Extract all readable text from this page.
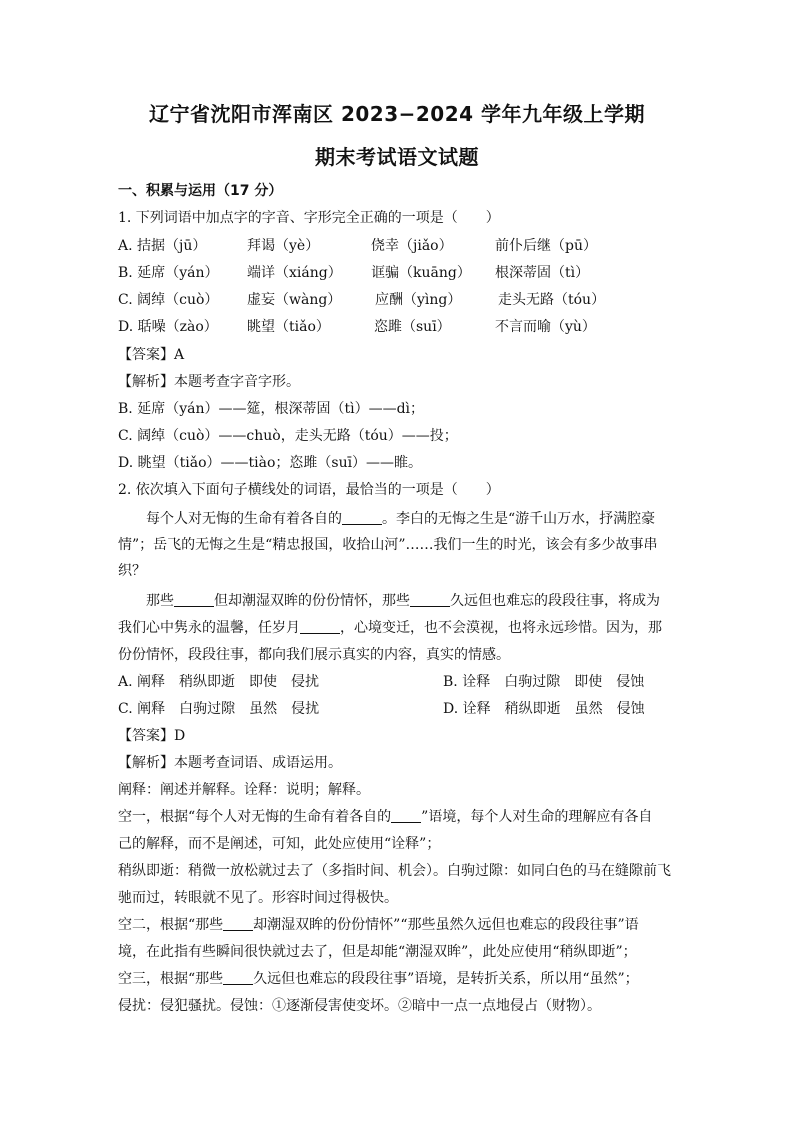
辽宁省沈阳市浑南区 2023−2024 学年九年级上学期
期末考试语文试题
一、积累与运用（17 分）
1. 下列词语中加点字的字音、字形完全正确的一项是（　　）
A. 拮据（jū）	拜谒（yè）	侥幸（jiǎo）	前仆后继（pū）
B. 延席（yán） 端详（xiáng） 诓骗（kuāng） 根深蒂固（tì）
C. 阔绰（cuò） 虚妄（wàng） 应酬（yìng）	走头无路（tóu）
D. 聒噪（zào） 眺望（tiǎo）	恣雎（suī）	不言而喻（yù）
【答案】A
【解析】本题考查字音字形。
B. 延席（yán）——筵，根深蒂固（tì）——dì；
C. 阔绰（cuò）——chuò，走头无路（tóu）——投；
D. 眺望（tiǎo）——tiào；恣雎（suī）——睢。
2. 依次填入下面句子横线处的词语，最恰当的一项是（　　）
每个人对无悔的生命有着各自的	。李白的无悔之生是“游千山万水，抒满腔豪
情”；岳飞的无悔之生是“精忠报国，收拾山河”……我们一生的时光，该会有多少故事串
织？
那些	但却潮湿双眸的份份情怀，那些	久远但也难忘的段段往事，将成为
我们心中隽永的温馨，任岁月	，心境变迁，也不会漠视，也将永远珍惜。因为，那
份份情怀，段段往事，都向我们展示真实的内容，真实的情感。
A. 阐释　稍纵即逝　即使　侵扰	B. 诠释　白驹过隙　即使　侵蚀
C. 阐释　白驹过隙　虽然　侵扰	D. 诠释　稍纵即逝　虽然　侵蚀
【答案】D
【解析】本题考查词语、成语运用。
阐释：阐述并解释。诠释：说明；解释。
空一，根据“每个人对无悔的生命有着各自的 ”语境，每个人对生命的理解应有各自
己的解释，而不是阐述，可知，此处应使用“诠释”；
稍纵即逝：稍微一放松就过去了（多指时间、机会）。白驹过隙：如同白色的马在缝隙前飞
驰而过，转眼就不见了。形容时间过得极快。
空二，根据“那些 却潮湿双眸的份份情怀”“那些虽然久远但也难忘的段段往事”语
境，在此指有些瞬间很快就过去了，但是却能“潮湿双眸”，此处应使用“稍纵即逝”；
空三，根据“那些 久远但也难忘的段段往事”语境，是转折关系，所以用“虽然”；
侵扰：侵犯骚扰。侵蚀：①逐渐侵害使变坏。②暗中一点一点地侵占（财物）。
